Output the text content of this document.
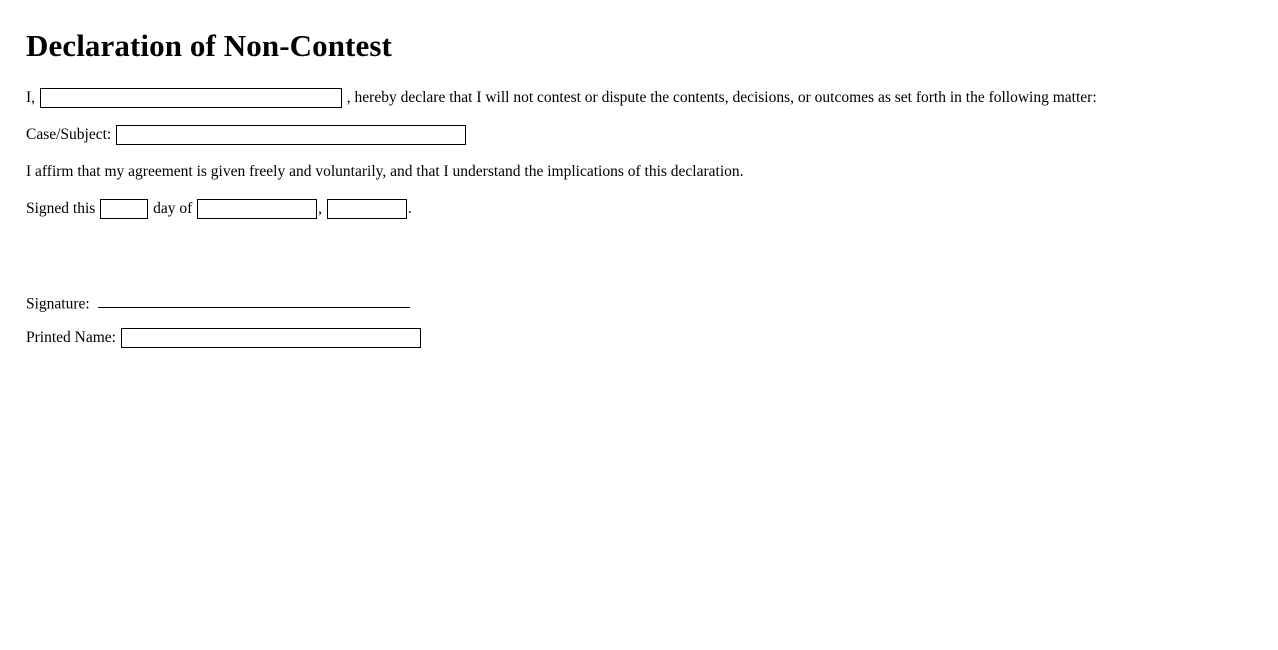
Declaration of Non-Contest

I,	, hereby declare that I will not contest or dispute the contents, decisions, or outcomes as set forth in the following matter:

Case/Subject:

I affirm that my agreement is given freely and voluntarily, and that I understand the implications of this declaration.

Signed this	day of	,	.

Signature:
Printed Name:
